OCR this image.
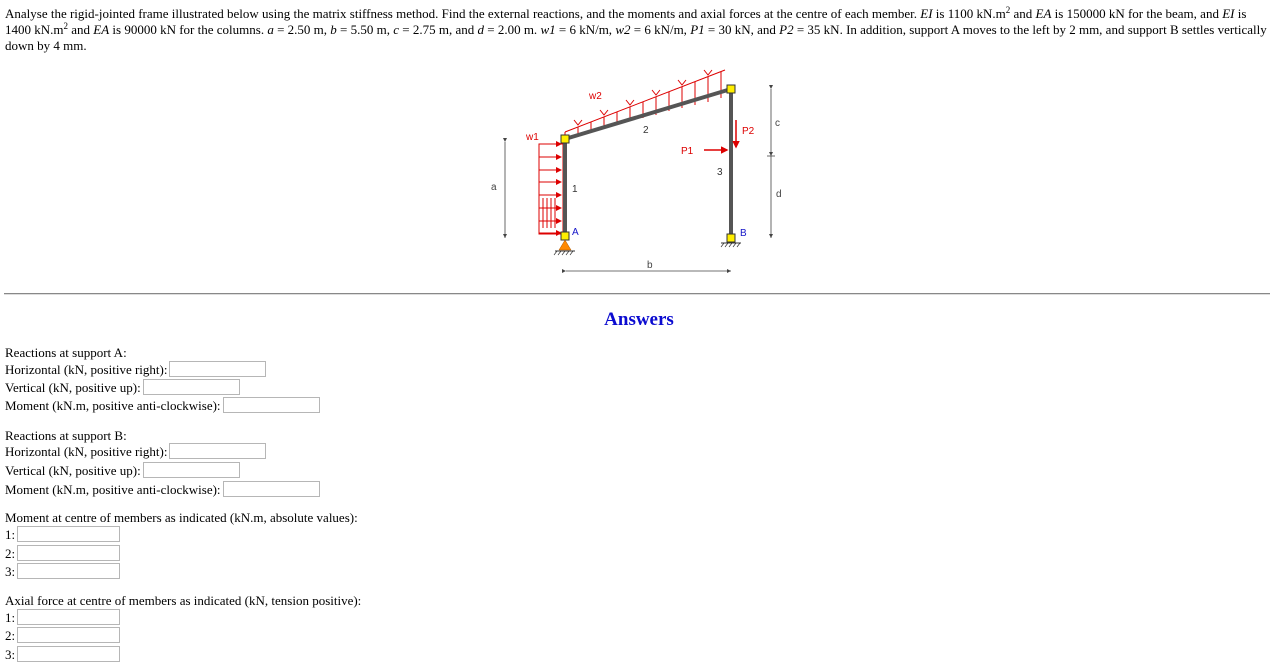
Analyse the rigid-jointed frame illustrated below using the matrix stiffness method. Find the external reactions, and the moments and axial forces at the centre of each member. EI is 1100 $kN.m^2$ and EA is 150000 kN for the beam, and EI is 1400 $kN.m^2$ and EA is 90000 kN for the columns. a = 2.50 m, b = 5.50 m, c = 2.75 m, and d = 2.00 m. w1 = 6 kN/m, w2 = 6 kN/m, P1 = 30 kN, and P2 = 35 kN. In addition, support A moves to the left by 2 mm, and support B settles vertically down by 4 mm.

w1
w2
P1
P2
1
2
3
A	B
a
b
c
d
Answers
Reactions at support A:
Horizontal (kN, positive right):
Vertical (kN, positive up):
Moment (kN.m, positive anti-clockwise):
Reactions at support B:
Horizontal (kN, positive right):
Vertical (kN, positive up):
Moment (kN.m, positive anti-clockwise):
Moment at centre of members as indicated (kN.m, absolute values):
1:
2:
3:
Axial force at centre of members as indicated (kN, tension positive):
1:
2:
3:
